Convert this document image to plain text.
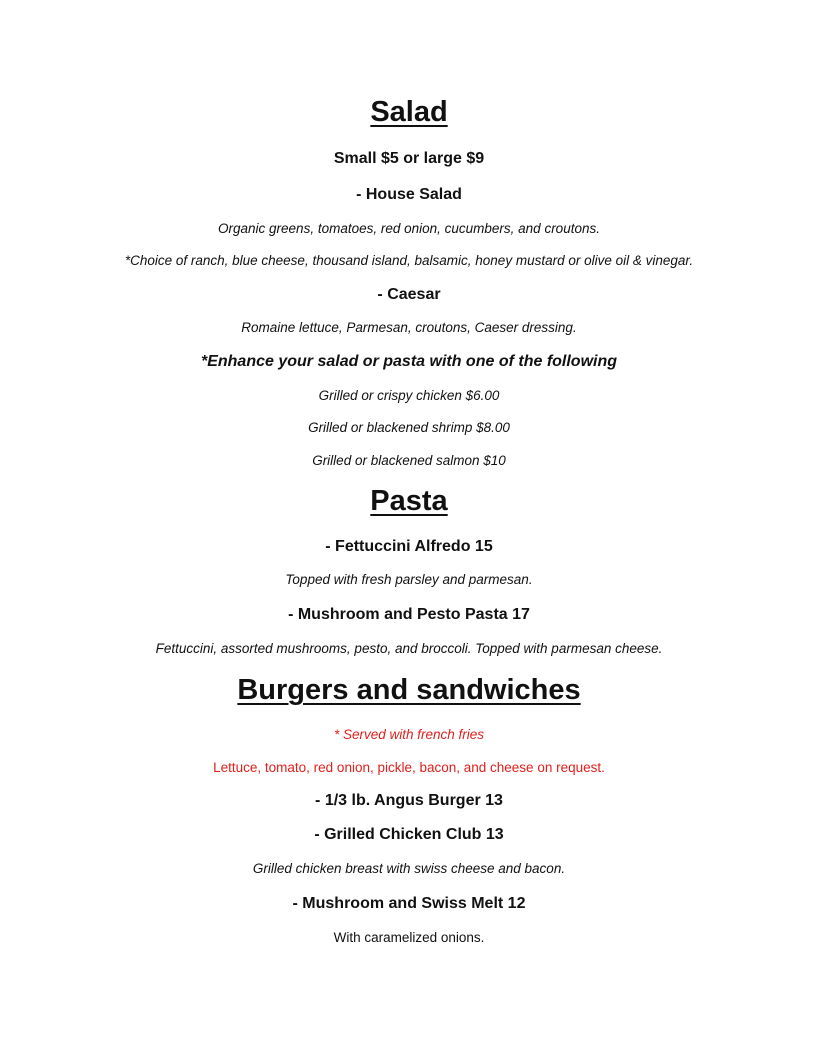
Salad
Small $5 or large $9
- House Salad
Organic greens, tomatoes, red onion, cucumbers, and croutons.
*Choice of ranch, blue cheese, thousand island, balsamic, honey mustard or olive oil & vinegar.
- Caesar
Romaine lettuce, Parmesan, croutons, Caeser dressing.
*Enhance your salad or pasta with one of the following
Grilled or crispy chicken $6.00
Grilled or blackened shrimp $8.00
Grilled or blackened salmon $10
Pasta
- Fettuccini Alfredo 15
Topped with fresh parsley and parmesan.
- Mushroom and Pesto Pasta 17
Fettuccini, assorted mushrooms, pesto, and broccoli. Topped with parmesan cheese.
Burgers and sandwiches
* Served with french fries
Lettuce, tomato, red onion, pickle, bacon, and cheese on request.
- 1/3 lb. Angus Burger 13
- Grilled Chicken Club 13
Grilled chicken breast with swiss cheese and bacon.
- Mushroom and Swiss Melt 12
With caramelized onions.
